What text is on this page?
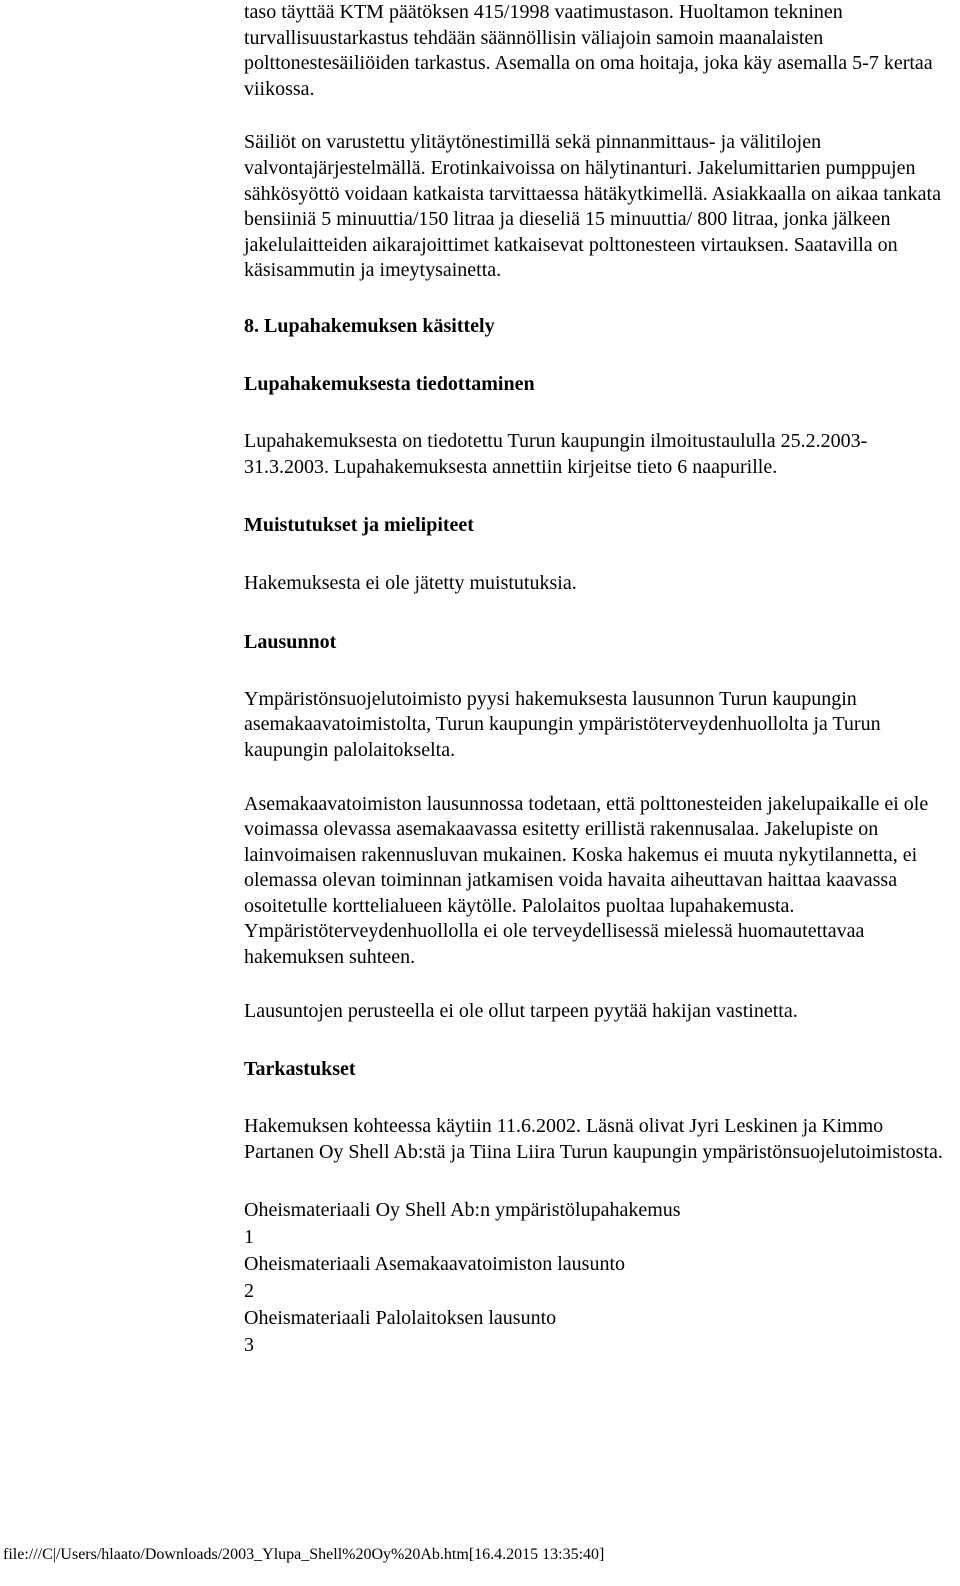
taso täyttää KTM päätöksen 415/1998 vaatimustason. Huoltamon tekninen turvallisuustarkastus tehdään säännöllisin väliajoin samoin maanalaisten polttonestesäiliöiden tarkastus. Asemalla on oma hoitaja, joka käy asemalla 5-7 kertaa viikossa.

Säiliöt on varustettu ylitäytönestimillä sekä pinnanmittaus- ja välitilojen valvontajärjestelmällä. Erotinkaivoissa on hälytinanturi. Jakelumittarien pumppujen sähkösyöttö voidaan katkaista tarvittaessa hätäkytkimellä. Asiakkaalla on aikaa tankata bensiiniä 5 minuuttia/150 litraa ja dieseliä 15 minuuttia/ 800 litraa, jonka jälkeen jakelulaitteiden aikarajoittimet katkaisevat polttonesteen virtauksen. Saatavilla on käsisammutin ja imeytysainetta.

8. Lupahakemuksen käsittely
Lupahakemuksesta tiedottaminen

Lupahakemuksesta on tiedotettu Turun kaupungin ilmoitustaululla 25.2.2003- 31.3.2003. Lupahakemuksesta annettiin kirjeitse tieto 6 naapurille.

Muistutukset ja mielipiteet

Hakemuksesta ei ole jätetty muistutuksia.

Lausunnot

Ympäristönsuojelutoimisto pyysi hakemuksesta lausunnon Turun kaupungin asemakaavatoimistolta, Turun kaupungin ympäristöterveydenhuollolta ja Turun kaupungin palolaitokselta.

Asemakaavatoimiston lausunnossa todetaan, että polttonesteiden jakelupaikalle ei ole voimassa olevassa asemakaavassa esitetty erillistä rakennusalaa. Jakelupiste on lainvoimaisen rakennusluvan mukainen. Koska hakemus ei muuta nykytilannetta, ei olemassa olevan toiminnan jatkamisen voida havaita aiheuttavan haittaa kaavassa osoitetulle korttelialueen käytölle. Palolaitos puoltaa lupahakemusta. Ympäristöterveydenhuollolla ei ole terveydellisessä mielessä huomautettavaa hakemuksen suhteen.

Lausuntojen perusteella ei ole ollut tarpeen pyytää hakijan vastinetta.

Tarkastukset

Hakemuksen kohteessa käytiin 11.6.2002. Läsnä olivat Jyri Leskinen ja Kimmo Partanen Oy Shell Ab:stä ja Tiina Liira Turun kaupungin ympäristönsuojelutoimistosta.

Oheismateriaali Oy Shell Ab:n ympäristölupahakemus
1
Oheismateriaali Asemakaavatoimiston lausunto
2
Oheismateriaali Palolaitoksen lausunto
3
file:///C|/Users/hlaato/Downloads/2003_Ylupa_Shell%20Oy%20Ab.htm[16.4.2015 13:35:40]
